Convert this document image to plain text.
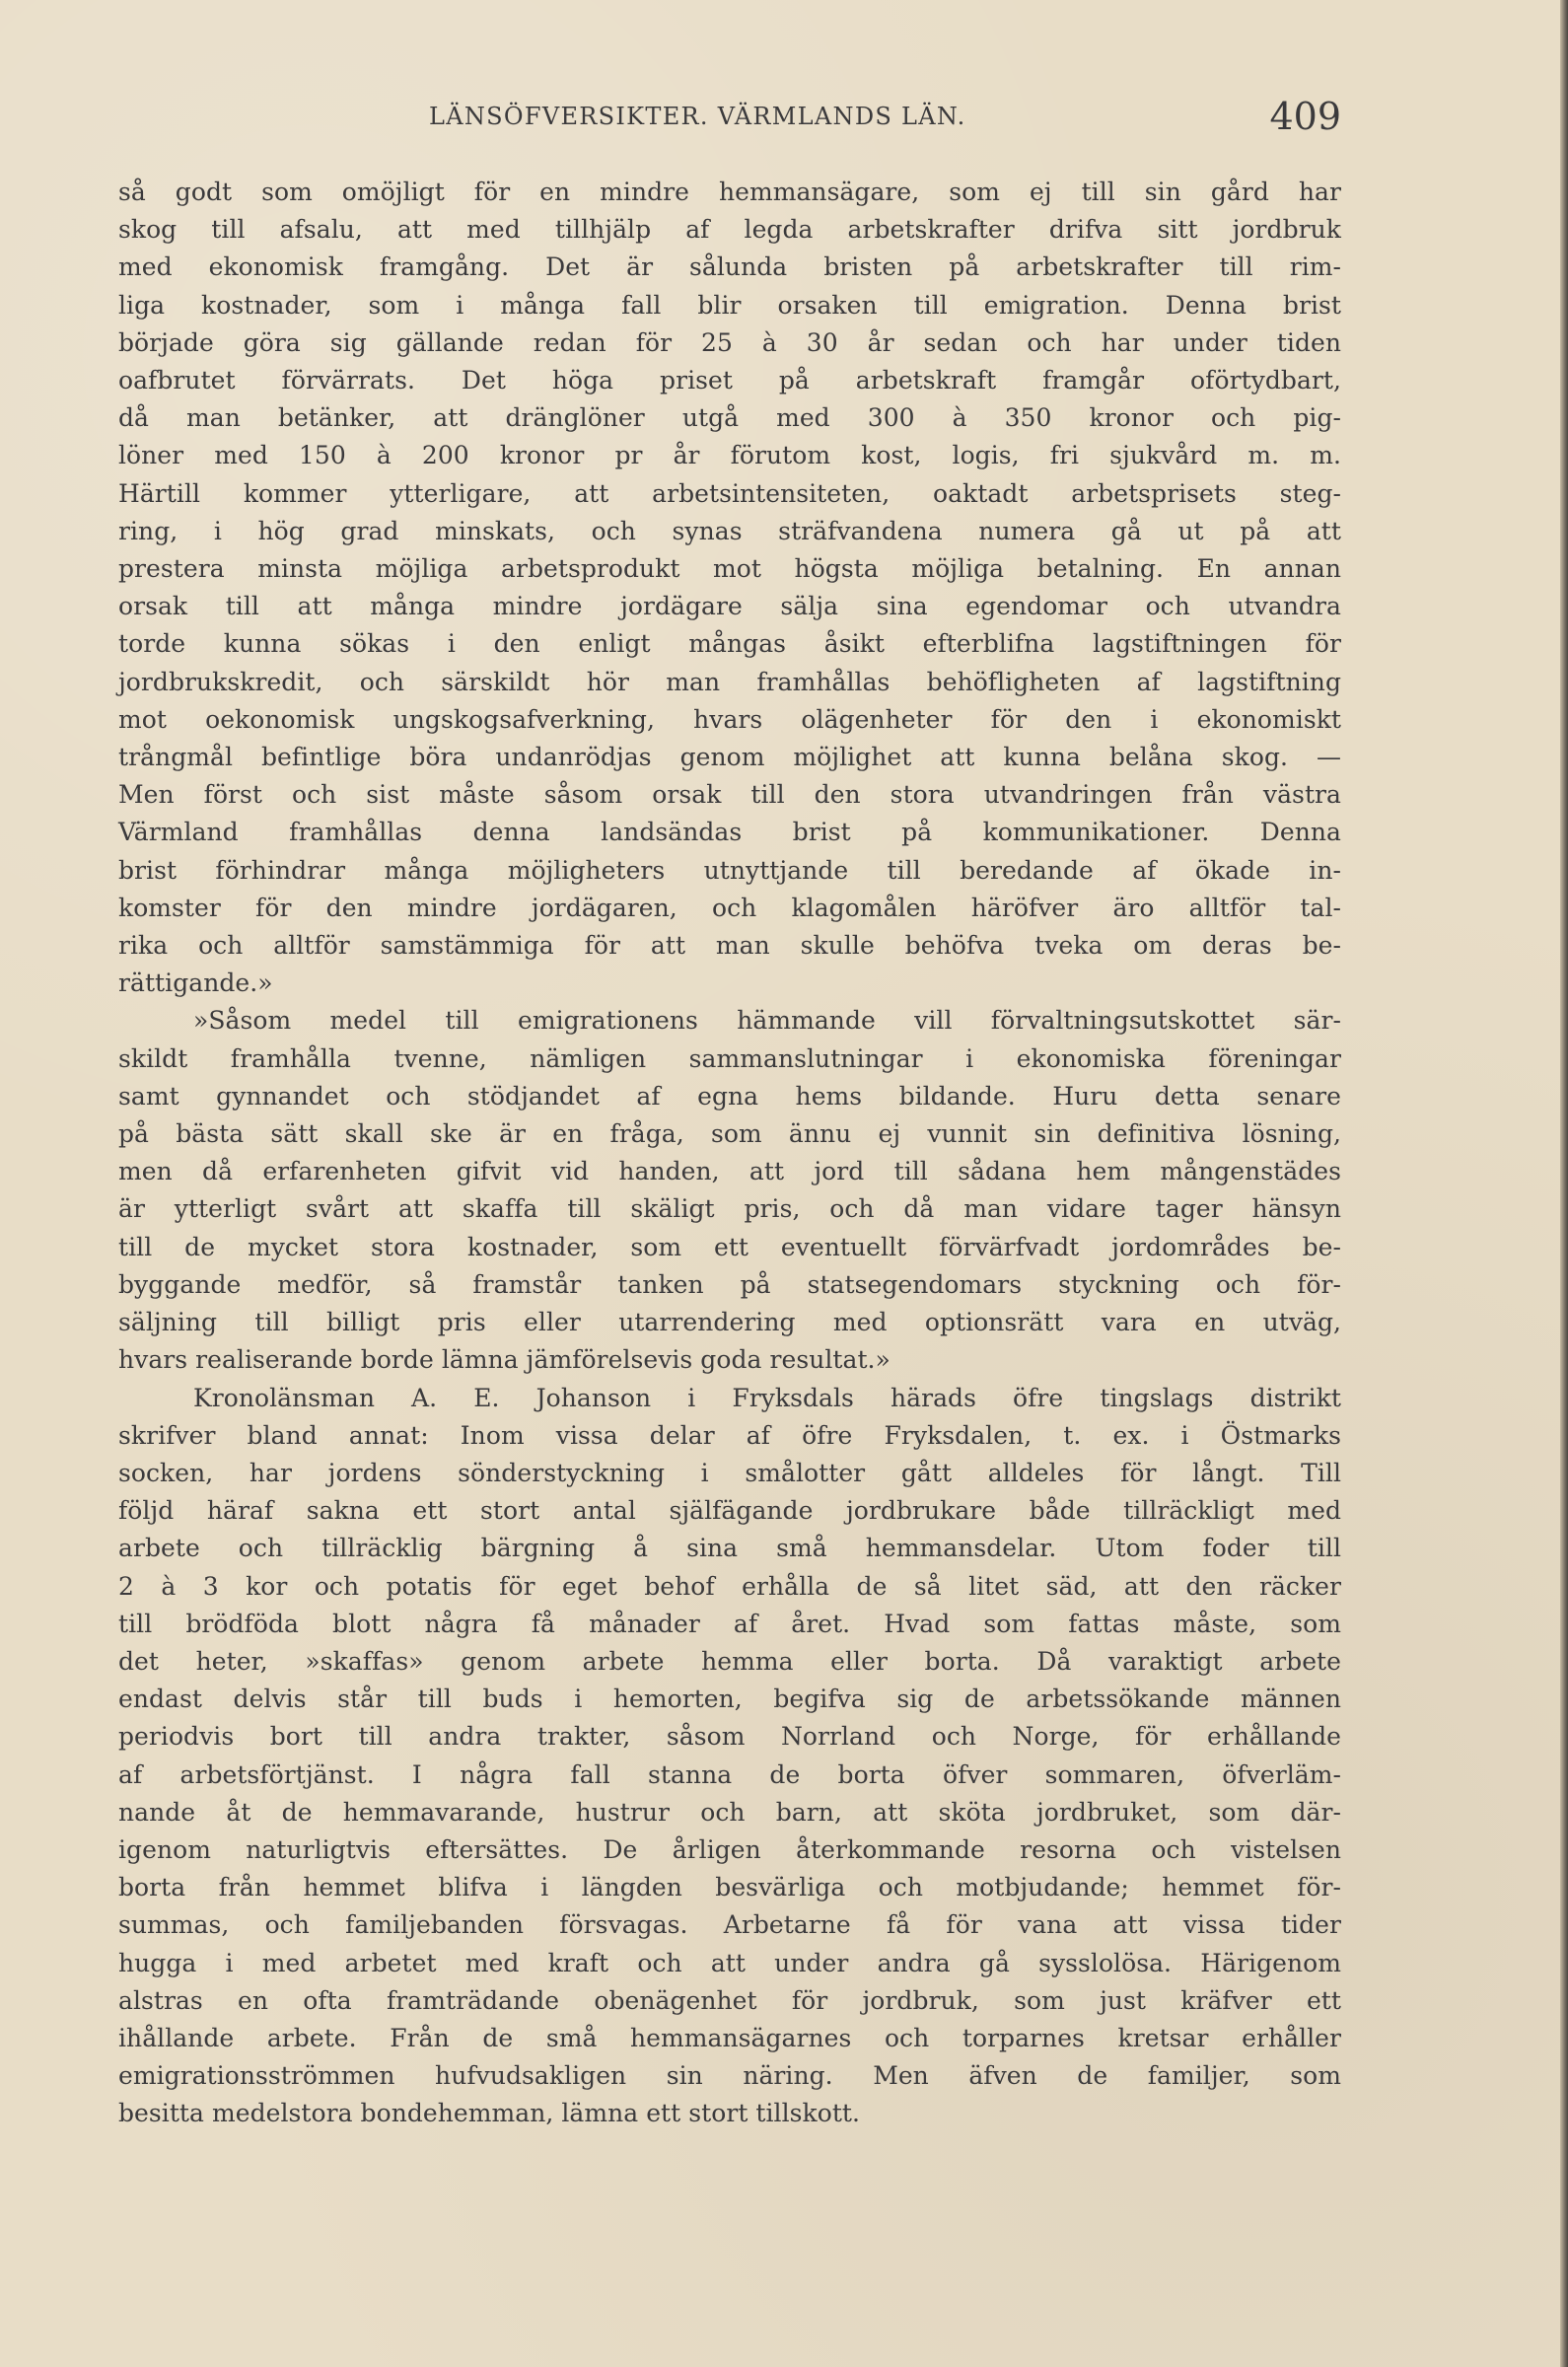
LÄNSÖFVERSIKTER. VÄRMLANDS LÄN.	409
så godt som omöjligt för en mindre hemmansägare, som ej till sin gård har
skog till afsalu, att med tillhjälp af legda arbetskrafter drifva sitt jordbruk
med ekonomisk framgång. Det är sålunda bristen på arbetskrafter till rim-
liga kostnader, som i många fall blir orsaken till emigration. Denna brist
började göra sig gällande redan för 25 à 30 år sedan och har under tiden
oafbrutet förvärrats. Det höga priset på arbetskraft framgår oförtydbart,
då man betänker, att dränglöner utgå med 300 à 350 kronor och pig-
löner med 150 à 200 kronor pr år förutom kost, logis, fri sjukvård m. m.
Härtill kommer ytterligare, att arbetsintensiteten, oaktadt arbetsprisets steg-
ring, i hög grad minskats, och synas sträfvandena numera gå ut på att
prestera minsta möjliga arbetsprodukt mot högsta möjliga betalning. En annan
orsak till att många mindre jordägare sälja sina egendomar och utvandra
torde kunna sökas i den enligt mångas åsikt efterblifna lagstiftningen för
jordbrukskredit, och särskildt hör man framhållas behöfligheten af lagstiftning
mot oekonomisk ungskogsafverkning, hvars olägenheter för den i ekonomiskt
trångmål befintlige böra undanrödjas genom möjlighet att kunna belåna skog. —
Men först och sist måste såsom orsak till den stora utvandringen från västra
Värmland framhållas denna landsändas brist på kommunikationer. Denna
brist förhindrar många möjligheters utnyttjande till beredande af ökade in-
komster för den mindre jordägaren, och klagomålen häröfver äro alltför tal-
rika och alltför samstämmiga för att man skulle behöfva tveka om deras be-
rättigande.»
»Såsom medel till emigrationens hämmande vill förvaltningsutskottet sär-
skildt framhålla tvenne, nämligen sammanslutningar i ekonomiska föreningar
samt gynnandet och stödjandet af egna hems bildande. Huru detta senare
på bästa sätt skall ske är en fråga, som ännu ej vunnit sin definitiva lösning,
men då erfarenheten gifvit vid handen, att jord till sådana hem mångenstädes
är ytterligt svårt att skaffa till skäligt pris, och då man vidare tager hänsyn
till de mycket stora kostnader, som ett eventuellt förvärfvadt jordområdes be-
byggande medför, så framstår tanken på statsegendomars styckning och för-
säljning till billigt pris eller utarrendering med optionsrätt vara en utväg,
hvars realiserande borde lämna jämförelsevis goda resultat.»
Kronolänsman A. E. Johanson i Fryksdals härads öfre tingslags distrikt
skrifver bland annat: Inom vissa delar af öfre Fryksdalen, t. ex. i Östmarks
socken, har jordens sönderstyckning i smålotter gått alldeles för långt. Till
följd häraf sakna ett stort antal själfägande jordbrukare både tillräckligt med
arbete och tillräcklig bärgning å sina små hemmansdelar. Utom foder till
2 à 3 kor och potatis för eget behof erhålla de så litet säd, att den räcker
till brödföda blott några få månader af året. Hvad som fattas måste, som
det heter, »skaffas» genom arbete hemma eller borta. Då varaktigt arbete
endast delvis står till buds i hemorten, begifva sig de arbetssökande männen
periodvis bort till andra trakter, såsom Norrland och Norge, för erhållande
af arbetsförtjänst. I några fall stanna de borta öfver sommaren, öfverläm-
nande åt de hemmavarande, hustrur och barn, att sköta jordbruket, som där-
igenom naturligtvis eftersättes. De årligen återkommande resorna och vistelsen
borta från hemmet blifva i längden besvärliga och motbjudande; hemmet för-
summas, och familjebanden försvagas. Arbetarne få för vana att vissa tider
hugga i med arbetet med kraft och att under andra gå sysslolösa. Härigenom
alstras en ofta framträdande obenägenhet för jordbruk, som just kräfver ett
ihållande arbete. Från de små hemmansägarnes och torparnes kretsar erhåller
emigrationsströmmen hufvudsakligen sin näring. Men äfven de familjer, som
besitta medelstora bondehemman, lämna ett stort tillskott.
